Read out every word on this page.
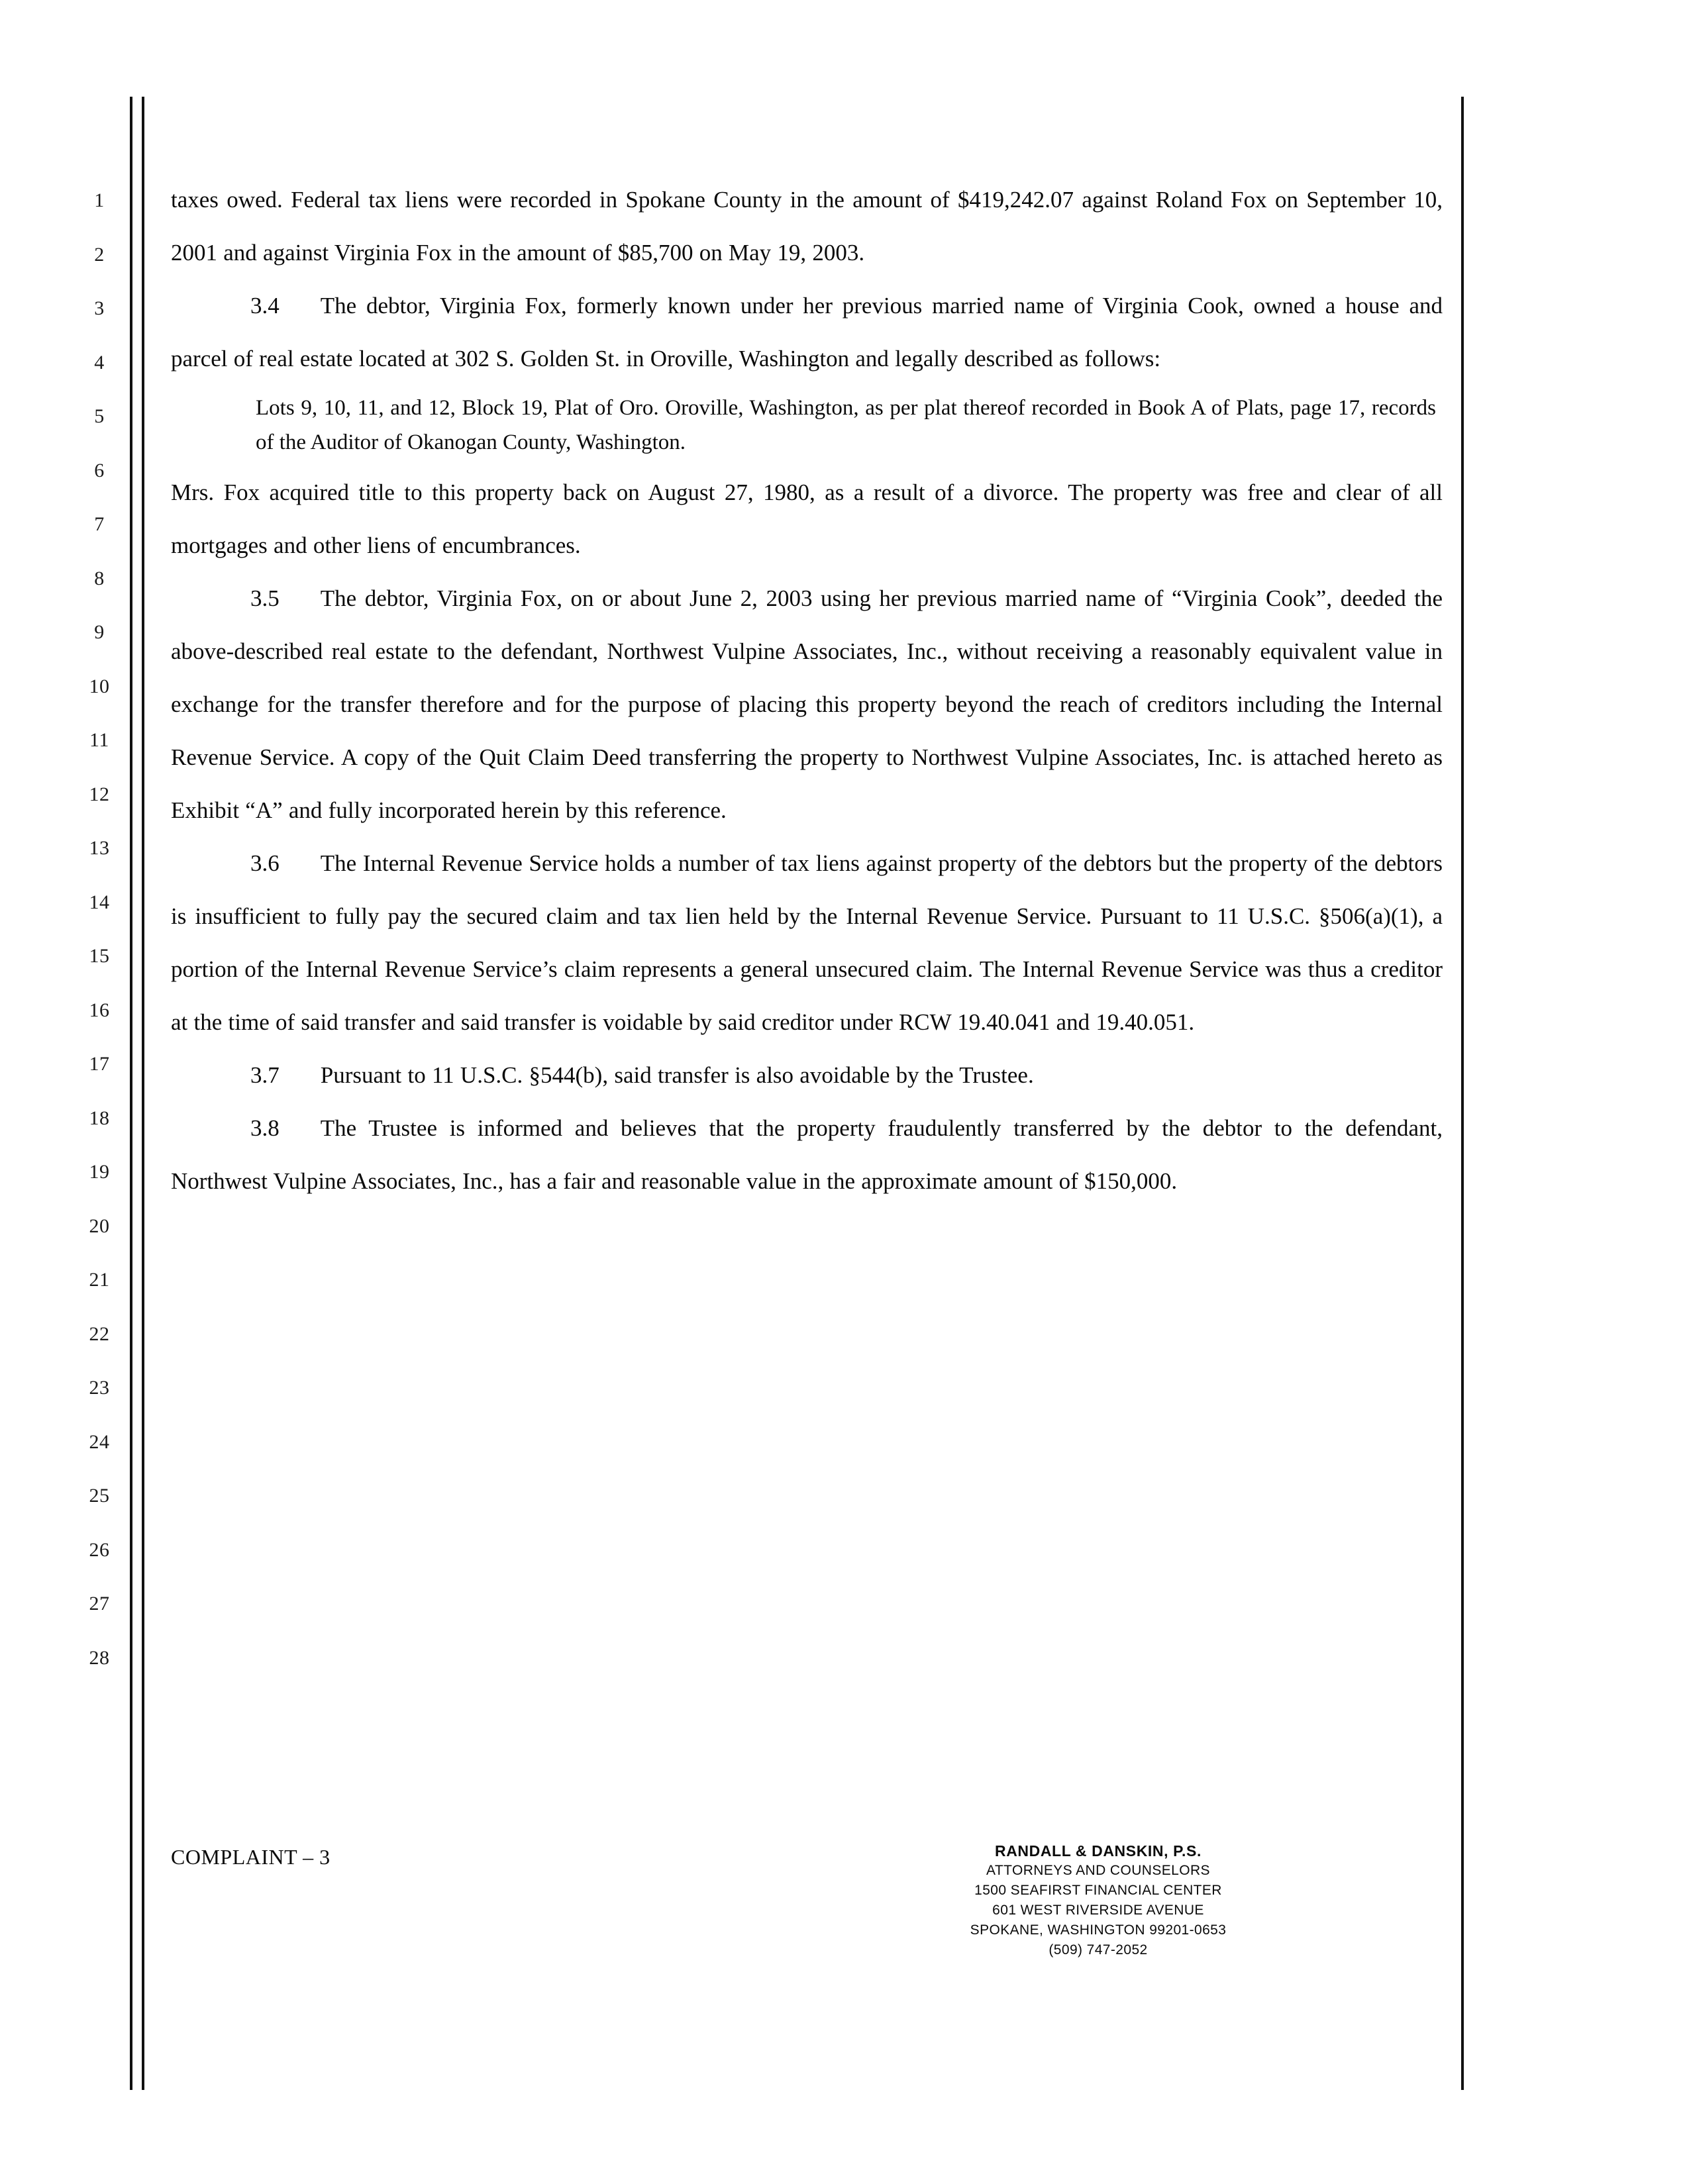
1
2
3
4
5
6
7
8
9
10
11
12
13
14
15
16
17
18
19
20
21
22
23
24
25
26
27
28

taxes owed. Federal tax liens were recorded in Spokane County in the amount of $419,242.07 against Roland Fox on September 10, 2001 and against Virginia Fox in the amount of $85,700 on May 19, 2003.

3.4 The debtor, Virginia Fox, formerly known under her previous married name of Virginia Cook, owned a house and parcel of real estate located at 302 S. Golden St. in Oroville, Washington and legally described as follows:

Lots 9, 10, 11, and 12, Block 19, Plat of Oro. Oroville, Washington, as per plat thereof recorded in Book A of Plats, page 17, records of the Auditor of Okanogan County, Washington.

Mrs. Fox acquired title to this property back on August 27, 1980, as a result of a divorce. The property was free and clear of all mortgages and other liens of encumbrances.

3.5 The debtor, Virginia Fox, on or about June 2, 2003 using her previous married name of “Virginia Cook”, deeded the above-described real estate to the defendant, Northwest Vulpine Associates, Inc., without receiving a reasonably equivalent value in exchange for the transfer therefore and for the purpose of placing this property beyond the reach of creditors including the Internal Revenue Service. A copy of the Quit Claim Deed transferring the property to Northwest Vulpine Associates, Inc. is attached hereto as Exhibit “A” and fully incorporated herein by this reference.

3.6 The Internal Revenue Service holds a number of tax liens against property of the debtors but the property of the debtors is insufficient to fully pay the secured claim and tax lien held by the Internal Revenue Service. Pursuant to 11 U.S.C. §506(a)(1), a portion of the Internal Revenue Service’s claim represents a general unsecured claim. The Internal Revenue Service was thus a creditor at the time of said transfer and said transfer is voidable by said creditor under RCW 19.40.041 and 19.40.051.

3.7 Pursuant to 11 U.S.C. §544(b), said transfer is also avoidable by the Trustee.

3.8 The Trustee is informed and believes that the property fraudulently transferred by the debtor to the defendant, Northwest Vulpine Associates, Inc., has a fair and reasonable value in the approximate amount of $150,000.

COMPLAINT – 3	RANDALL & DANSKIN, P.S.
ATTORNEYS AND COUNSELORS
1500 SEAFIRST FINANCIAL CENTER
601 WEST RIVERSIDE AVENUE
SPOKANE, WASHINGTON 99201-0653
(509) 747-2052
